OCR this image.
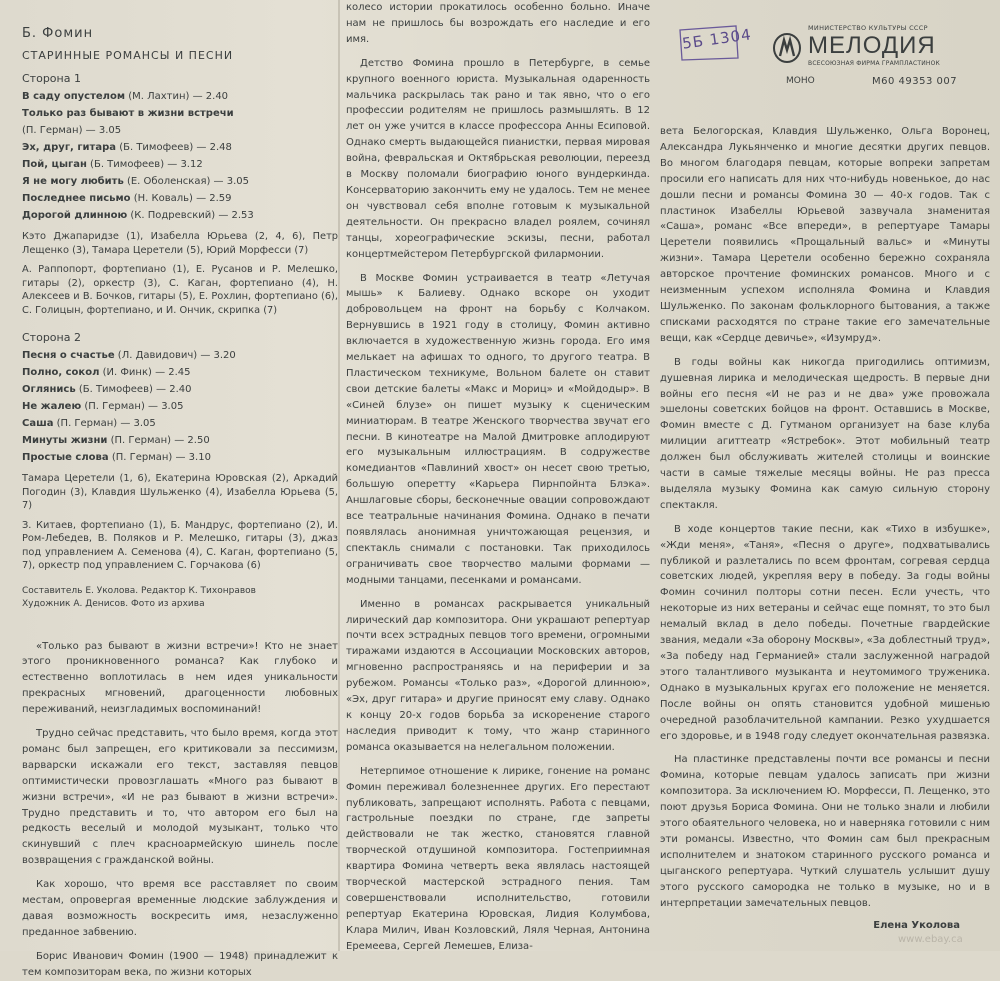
Б. Фомин
СТАРИННЫЕ РОМАНСЫ И ПЕСНИ
Сторона 1
В саду опустелом (М. Лахтин) — 2.40
Только раз бывают в жизни встречи
(П. Герман) — 3.05
Эх, друг, гитара (Б. Тимофеев) — 2.48
Пой, цыган (Б. Тимофеев) — 3.12
Я не могу любить (Е. Оболенская) — 3.05
Последнее письмо (Н. Коваль) — 2.59
Дорогой длинною (К. Подревский) — 2.53
Кэто Джапаридзе (1), Изабелла Юрьева (2, 4, 6), Петр Лещенко (3), Тамара Церетели (5), Юрий Морфесси (7)
А. Раппопорт, фортепиано (1), Е. Русанов и Р. Мелешко, гитары (2), оркестр (3), С. Каган, фортепиано (4), Н. Алексеев и В. Бочков, гитары (5), Е. Рохлин, фортепиано (6), С. Голицын, фортепиано, и И. Ончик, скрипка (7)
Сторона 2
Песня о счастье (Л. Давидович) — 3.20
Полно, сокол (И. Финк) — 2.45
Оглянись (Б. Тимофеев) — 2.40
Не жалею (П. Герман) — 3.05
Саша (П. Герман) — 3.05
Минуты жизни (П. Герман) — 2.50
Простые слова (П. Герман) — 3.10
Тамара Церетели (1, 6), Екатерина Юровская (2), Аркадий Погодин (3), Клавдия Шульженко (4), Изабелла Юрьева (5, 7)
З. Китаев, фортепиано (1), Б. Мандрус, фортепиано (2), И. Ром-Лебедев, В. Поляков и Р. Мелешко, гитары (3), джаз под управлением А. Семенова (4), С. Каган, фортепиано (5, 7), оркестр под управлением С. Горчакова (6)
Составитель Е. Уколова. Редактор К. Тихонравов
Художник А. Денисов. Фото из архива

«Только раз бывают в жизни встречи»! Кто не знает этого проникновенного романса? Как глубоко и естественно воплотилась в нем идея уникальности прекрасных мгновений, драгоценности любовных переживаний, неизгладимых воспоминаний!

Трудно сейчас представить, что было время, когда этот романс был запрещен, его критиковали за пессимизм, варварски искажали его текст, заставляя певцов оптимистически провозглашать «Много раз бывают в жизни встречи», «И не раз бывают в жизни встречи». Трудно представить и то, что автором его был на редкость веселый и молодой музыкант, только что скинувший с плеч красноармейскую шинель после возвращения с гражданской войны.

Как хорошо, что время все расставляет по своим местам, опровергая временные людские заблуждения и давая возможность воскресить имя, незаслуженно преданное забвению.

Борис Иванович Фомин (1900 — 1948) принадлежит к тем композиторам века, по жизни которых

колесо истории прокатилось особенно больно. Иначе нам не пришлось бы возрождать его наследие и его имя.

Детство Фомина прошло в Петербурге, в семье крупного военного юриста. Музыкальная одаренность мальчика раскрылась так рано и так явно, что о его профессии родителям не пришлось размышлять. В 12 лет он уже учится в классе профессора Анны Есиповой. Однако смерть выдающейся пианистки, первая мировая война, февральская и Октябрьская революции, переезд в Москву поломали биографию юного вундеркинда. Консерваторию закончить ему не удалось. Тем не менее он чувствовал себя вполне готовым к музыкальной деятельности. Он прекрасно владел роялем, сочинял танцы, хореографические эскизы, песни, работал концертмейстером Петербургской филармонии.

В Москве Фомин устраивается в театр «Летучая мышь» к Балиеву. Однако вскоре он уходит добровольцем на фронт на борьбу с Колчаком. Вернувшись в 1921 году в столицу, Фомин активно включается в художественную жизнь города. Его имя мелькает на афишах то одного, то другого театра. В Пластическом техникуме, Вольном балете он ставит свои детские балеты «Макс и Мориц» и «Мойдодыр». В «Синей блузе» он пишет музыку к сценическим миниатюрам. В театре Женского творчества звучат его песни. В кинотеатре на Малой Дмитровке аплодируют его музыкальным иллюстрациям. В содружестве комедиантов «Павлиний хвост» он несет свою третью, большую оперетту «Карьера Пирнпойнта Блэка». Аншлаговые сборы, бесконечные овации сопровождают все театральные начинания Фомина. Однако в печати появлялась анонимная уничтожающая рецензия, и спектакль снимали с постановки. Так приходилось ограничивать свое творчество малыми формами — модными танцами, песенками и романсами.

Именно в романсах раскрывается уникальный лирический дар композитора. Они украшают репертуар почти всех эстрадных певцов того времени, огромными тиражами издаются в Ассоциации Московских авторов, мгновенно распространяясь и на периферии и за рубежом. Романсы «Только раз», «Дорогой длинною», «Эх, друг гитара» и другие приносят ему славу. Однако к концу 20-х годов борьба за искоренение старого наследия приводит к тому, что жанр старинного романса оказывается на нелегальном положении.

Нетерпимое отношение к лирике, гонение на романс Фомин переживал болезненнее других. Его перестают публиковать, запрещают исполнять. Работа с певцами, гастрольные поездки по стране, где запреты действовали не так жестко, становятся главной творческой отдушиной композитора. Гостеприимная квартира Фомина четверть века являлась настоящей творческой мастерской эстрадного пения. Там совершенствовали исполнительство, готовили репертуар Екатерина Юровская, Лидия Колумбова, Клара Милич, Иван Козловский, Ляля Черная, Антонина Еремеева, Сергей Лемешев, Елиза-

вета Белогорская, Клавдия Шульженко, Ольга Воронец, Александра Лукьянченко и многие десятки других певцов. Во многом благодаря певцам, которые вопреки запретам просили его написать для них что-нибудь новенькое, до нас дошли песни и романсы Фомина 30 — 40-х годов. Так с пластинок Изабеллы Юрьевой зазвучала знаменитая «Саша», романс «Все впереди», в репертуаре Тамары Церетели появились «Прощальный вальс» и «Минуты жизни». Тамара Церетели особенно бережно сохраняла авторское прочтение фоминских романсов. Много и с неизменным успехом исполняла Фомина и Клавдия Шульженко. По законам фольклорного бытования, а также списками расходятся по стране такие его замечательные вещи, как «Сердце девичье», «Изумруд».

В годы войны как никогда пригодились оптимизм, душевная лирика и мелодическая щедрость. В первые дни войны его песня «И не раз и не два» уже провожала эшелоны советских бойцов на фронт. Оставшись в Москве, Фомин вместе с Д. Гутманом организует на базе клуба милиции агиттеатр «Ястребок». Этот мобильный театр должен был обслуживать жителей столицы и воинские части в самые тяжелые месяцы войны. Не раз пресса выделяла музыку Фомина как самую сильную сторону спектакля.

В ходе концертов такие песни, как «Тихо в избушке», «Жди меня», «Таня», «Песня о друге», подхватывались публикой и разлетались по всем фронтам, согревая сердца советских людей, укрепляя веру в победу. За годы войны Фомин сочинил полторы сотни песен. Если учесть, что некоторые из них ветераны и сейчас еще помнят, то это был немалый вклад в дело победы. Почетные гвардейские звания, медали «За оборону Москвы», «За доблестный труд», «За победу над Германией» стали заслуженной наградой этого талантливого музыканта и неутомимого труженика. Однако в музыкальных кругах его положение не меняется. После войны он опять становится удобной мишенью очередной разоблачительной кампании. Резко ухудшается его здоровье, и в 1948 году следует окончательная развязка.

На пластинке представлены почти все романсы и песни Фомина, которые певцам удалось записать при жизни композитора. За исключением Ю. Морфесси, П. Лещенко, это поют друзья Бориса Фомина. Они не только знали и любили этого обаятельного человека, но и наверняка готовили с ним эти романсы. Известно, что Фомин сам был прекрасным исполнителем и знатоком старинного русского романса и цыганского репертуара. Чуткий слушатель услышит душу этого русского самородка не только в музыке, но и в интерпретации замечательных певцов.

Елена Уколова
5Б 1304	МИНИСТЕРСТВО КУЛЬТУРЫ СССР
МЕЛОДИЯ
ВСЕСОЮЗНАЯ ФИРМА ГРАМПЛАСТИНОК
МОНО	М60 49353 007
www.ebay.ca
